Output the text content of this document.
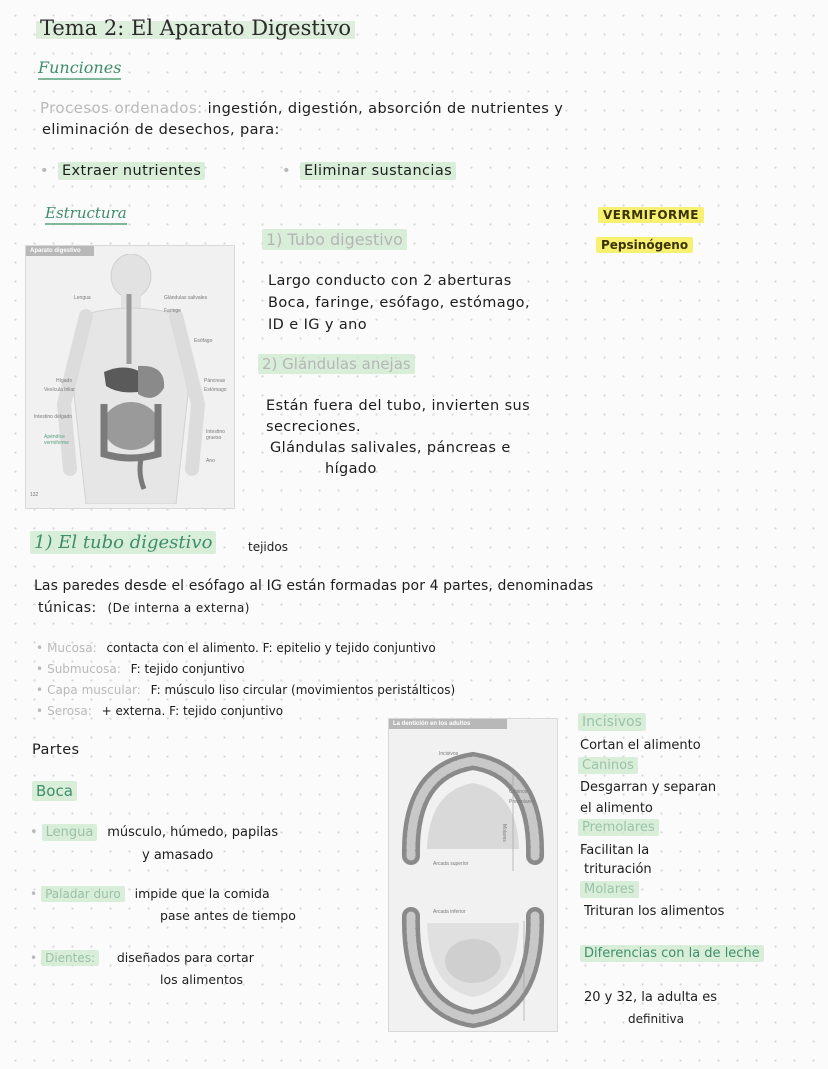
Tema 2: El Aparato Digestivo
Funciones
Procesos ordenados: ingestión, digestión, absorción de nutrientes y
eliminación de desechos, para:
• Extraer nutrientes
•	Eliminar sustancias
Estructura	VERMIFORME
Pepsinógeno
Aparato digestivo
Lengua	Glándulas salivales
Faringe
Esófago
Hígado
Vesícula biliar
Páncreas
Estómago
Intestino delgado
Apéndice vermiforme
Intestino grueso
Ano
132
1) Tubo digestivo
Largo conducto con 2 aberturas
Boca, faringe, esófago, estómago,
ID e IG y ano
2) Glándulas anejas
Están fuera del tubo, invierten sus
secreciones.
Glándulas salivales, páncreas e
hígado
1) El tubo digestivo	tejidos
Las paredes desde el esófago al IG están formadas por 4 partes, denominadas
túnicas: (De interna a externa)
• Mucosa: contacta con el alimento. F: epitelio y tejido conjuntivo
• Submucosa: F: tejido conjuntivo
• Capa muscular: F: músculo liso circular (movimientos peristálticos)
• Serosa: + externa. F: tejido conjuntivo
Partes
Boca
• Lengua músculo, húmedo, papilas
y amasado
• Paladar duro impide que la comida
pase antes de tiempo
• Dientes: diseñados para cortar
los alimentos
La dentición en los adultos
Incisivos
Caninos
Premolares
Molares
Arcada superior
Arcada inferior
Incisivos
Cortan el alimento
Caninos
Desgarran y separan
el alimento
Premolares
Facilitan la
trituración
Molares
Trituran los alimentos
Diferencias con la de leche
20 y 32, la adulta es
definitiva
